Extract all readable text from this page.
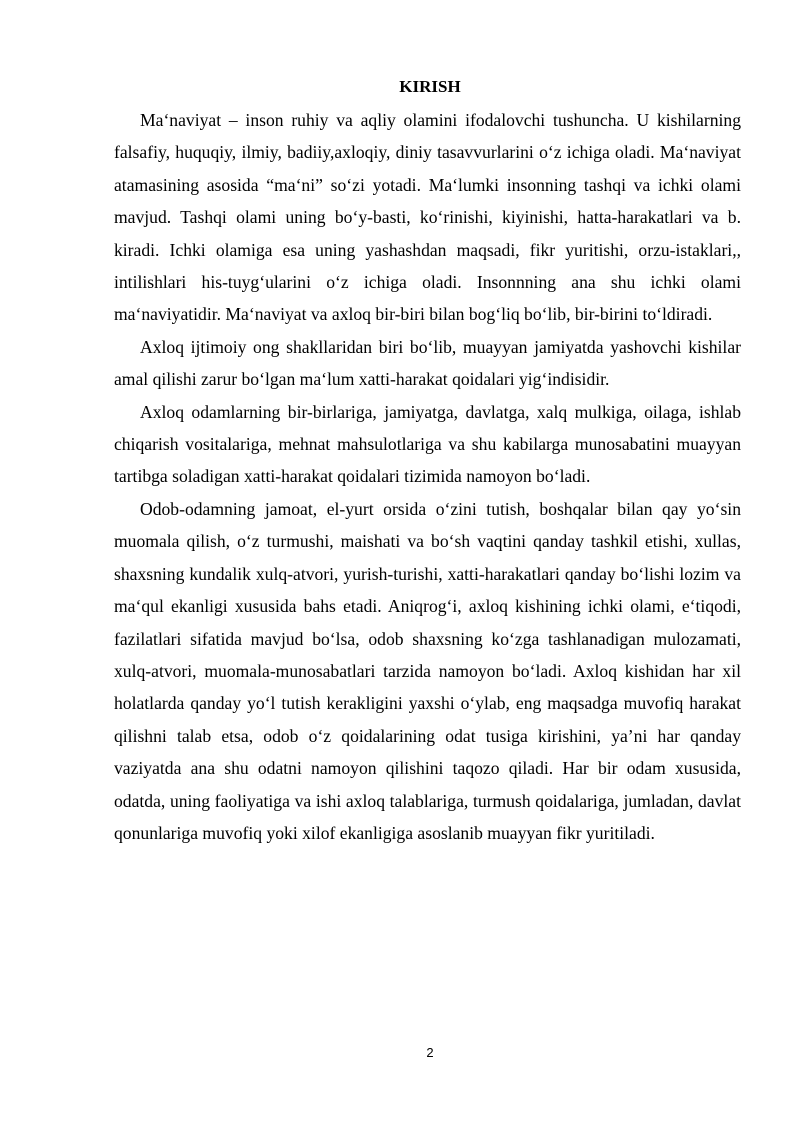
KIRISH

Ma‘naviyat – inson ruhiy va aqliy olamini ifodalovchi tushuncha. U kishilarning falsafiy, huquqiy, ilmiy, badiiy,axloqiy, diniy tasavvurlarini o‘z ichiga oladi. Ma‘naviyat atamasining asosida “ma‘ni” so‘zi yotadi. Ma‘lumki insonning tashqi va ichki olami mavjud. Tashqi olami uning bo‘y-basti, ko‘rinishi, kiyinishi, hatta-harakatlari va b. kiradi. Ichki olamiga esa uning yashashdan maqsadi, fikr yuritishi, orzu-istaklari,, intilishlari his-tuyg‘ularini o‘z ichiga oladi. Insonnning ana shu ichki olami ma‘naviyatidir. Ma‘naviyat va axloq bir-biri bilan bog‘liq bo‘lib, bir-birini to‘ldiradi.

Axloq ijtimoiy ong shakllaridan biri bo‘lib, muayyan jamiyatda yashovchi kishilar amal qilishi zarur bo‘lgan ma‘lum xatti-harakat qoidalari yig‘indisidir.

Axloq odamlarning bir-birlariga, jamiyatga, davlatga, xalq mulkiga, oilaga, ishlab chiqarish vositalariga, mehnat mahsulotlariga va shu kabilarga munosabatini muayyan tartibga soladigan xatti-harakat qoidalari tizimida namoyon bo‘ladi.

Odob-odamning jamoat, el-yurt orsida o‘zini tutish, boshqalar bilan qay yo‘sin muomala qilish, o‘z turmushi, maishati va bo‘sh vaqtini qanday tashkil etishi, xullas, shaxsning kundalik xulq-atvori, yurish-turishi, xatti-harakatlari qanday bo‘lishi lozim va ma‘qul ekanligi xususida bahs etadi. Aniqrog‘i, axloq kishining ichki olami, e‘tiqodi, fazilatlari sifatida mavjud bo‘lsa, odob shaxsning ko‘zga tashlanadigan mulozamati, xulq-atvori, muomala-munosabatlari tarzida namoyon bo‘ladi. Axloq kishidan har xil holatlarda qanday yo‘l tutish kerakligini yaxshi o‘ylab, eng maqsadga muvofiq harakat qilishni talab etsa, odob o‘z qoidalarining odat tusiga kirishini, ya’ni har qanday vaziyatda ana shu odatni namoyon qilishini taqozo qiladi. Har bir odam xususida, odatda, uning faoliyatiga va ishi axloq talablariga, turmush qoidalariga, jumladan, davlat qonunlariga muvofiq yoki xilof ekanligiga asoslanib muayyan fikr yuritiladi.

2
